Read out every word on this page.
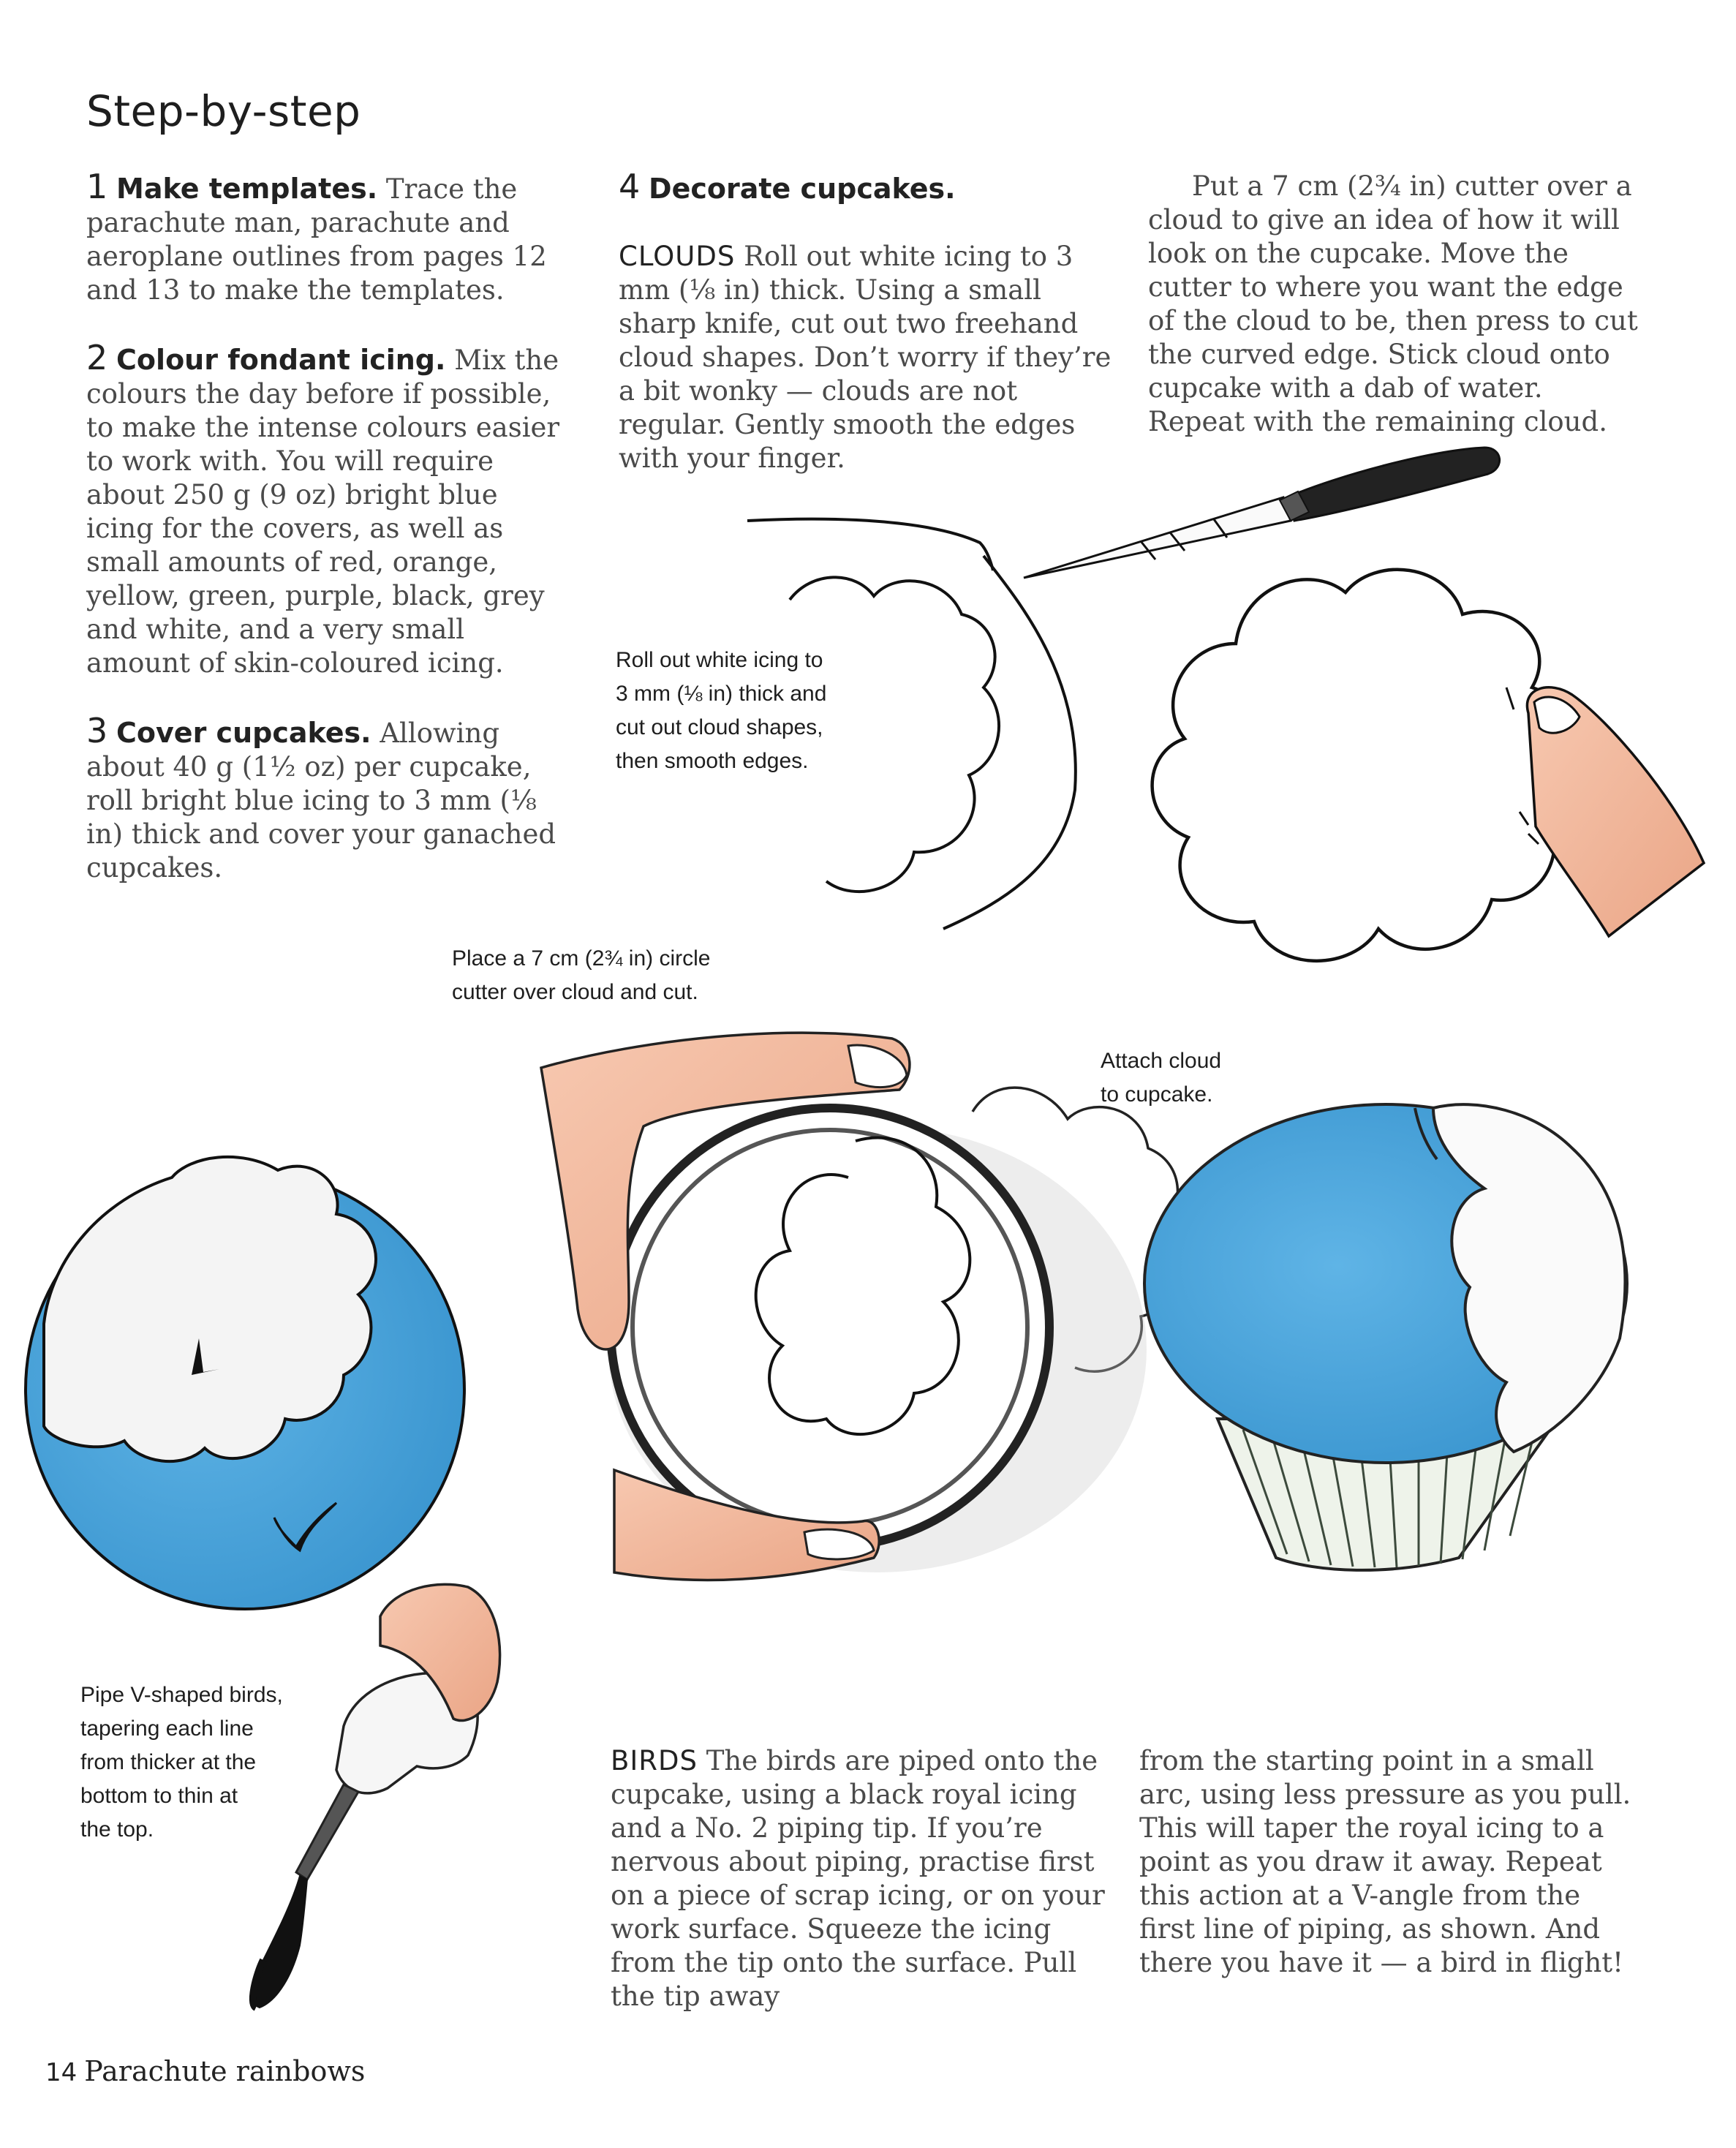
Step-by-step

1 Make templates. Trace the parachute man, parachute and aeroplane outlines from pages 12 and 13 to make the templates.

2 Colour fondant icing. Mix the colours the day before if possible, to make the intense colours easier to work with. You will require about 250 g (9 oz) bright blue icing for the covers, as well as small amounts of red, orange, yellow, green, purple, black, grey and white, and a very small amount of skin-coloured icing.

3 Cover cupcakes. Allowing about 40 g (1½ oz) per cupcake, roll bright blue icing to 3 mm (⅛ in) thick and cover your ganached cupcakes.

4 Decorate cupcakes.

CLOUDS Roll out white icing to 3 mm (⅛ in) thick. Using a small sharp knife, cut out two freehand cloud shapes. Don’t worry if they’re a bit wonky — clouds are not regular. Gently smooth the edges with your finger.

Put a 7 cm (2¾ in) cutter over a cloud to give an idea of how it will look on the cupcake. Move the cutter to where you want the edge of the cloud to be, then press to cut the curved edge. Stick cloud onto cupcake with a dab of water. Repeat with the remaining cloud.

Roll out white icing to
3 mm (⅛ in) thick and
cut out cloud shapes,
then smooth edges.
Place a 7 cm (2¾ in) circle
cutter over cloud and cut.
Attach cloud
to cupcake.
Pipe V-shaped birds,
tapering each line
from thicker at the
bottom to thin at
the top.

BIRDS The birds are piped onto the cupcake, using a black royal icing and a No. 2 piping tip. If you’re nervous about piping, practise first on a piece of scrap icing, or on your work surface. Squeeze the icing from the tip onto the surface. Pull the tip away

from the starting point in a small arc, using less pressure as you pull. This will taper the royal icing to a point as you draw it away. Repeat this action at a V-angle from the first line of piping, as shown. And there you have it — a bird in flight!

14 Parachute rainbows
